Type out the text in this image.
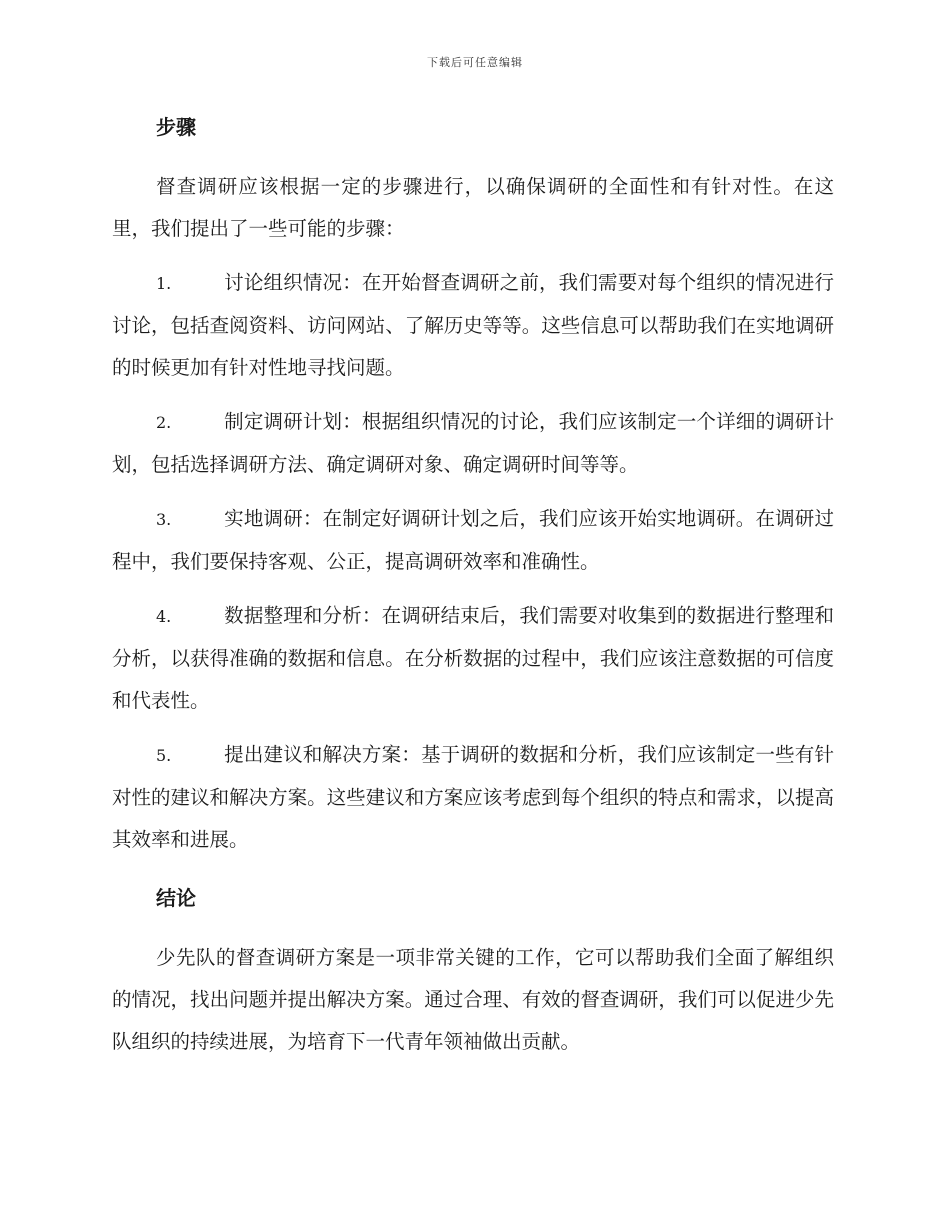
下载后可任意编辑
步骤

督查调研应该根据一定的步骤进行，以确保调研的全面性和有针对性。在这里，我们提出了一些可能的步骤：

1.	讨论组织情况：在开始督查调研之前，我们需要对每个组织的情况进行讨论，包括查阅资料、访问网站、了解历史等等。这些信息可以帮助我们在实地调研的时候更加有针对性地寻找问题。

2.	制定调研计划：根据组织情况的讨论，我们应该制定一个详细的调研计划，包括选择调研方法、确定调研对象、确定调研时间等等。

3.	实地调研：在制定好调研计划之后，我们应该开始实地调研。在调研过程中，我们要保持客观、公正，提高调研效率和准确性。

4.	数据整理和分析：在调研结束后，我们需要对收集到的数据进行整理和分析，以获得准确的数据和信息。在分析数据的过程中，我们应该注意数据的可信度和代表性。

5.	提出建议和解决方案：基于调研的数据和分析，我们应该制定一些有针对性的建议和解决方案。这些建议和方案应该考虑到每个组织的特点和需求，以提高其效率和进展。

结论

少先队的督查调研方案是一项非常关键的工作，它可以帮助我们全面了解组织的情况，找出问题并提出解决方案。通过合理、有效的督查调研，我们可以促进少先队组织的持续进展，为培育下一代青年领袖做出贡献。
